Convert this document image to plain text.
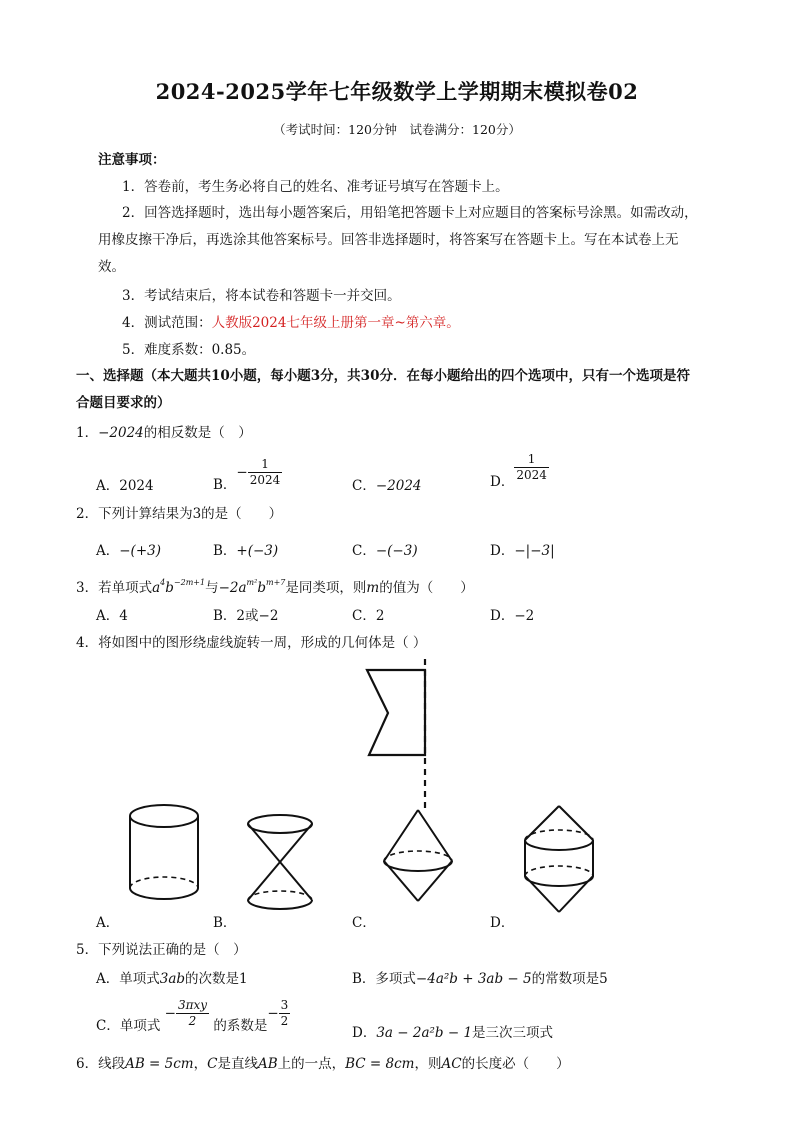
2024-2025学年七年级数学上学期期末模拟卷02
（考试时间：120分钟　试卷满分：120分）
注意事项：
1．答卷前，考生务必将自己的姓名、准考证号填写在答题卡上。
2．回答选择题时，选出每小题答案后，用铅笔把答题卡上对应题目的答案标号涂黑。如需改动，
用橡皮擦干净后，再选涂其他答案标号。回答非选择题时，将答案写在答题卡上。写在本试卷上无
效。
3．考试结束后，将本试卷和答题卡一并交回。
4．测试范围：人教版2024七年级上册第一章~第六章。
5．难度系数：0.85。
一、选择题（本大题共10小题，每小题3分，共30分．在每小题给出的四个选项中，只有一个选项是符
合题目要求的）
1．−2024的相反数是（　）
A．2024	B．− $\frac{1}{2024}$	C．−2024	D． $\frac{1}{2024}$
2．下列计算结果为3的是（　　）
A．−(+3)	B．+(−3)	C．−(−3)	D．−|−3|
3．若单项式$a^4b^{-2m+1}$与$-2a^{m^2}b^{m+7}$是同类项，则m的值为（　　）
A．4	B．2或−2	C．2	D．−2
4．将如图中的图形绕虚线旋转一周，形成的几何体是（ ）
A．	B．	C．	D．
5．下列说法正确的是（　）
A．单项式3ab的次数是1	B．多项式−4a²b + 3ab − 5的常数项是5
C．单项式 − $\frac{\text{3πxy}}{2}$ 的系数是− $\frac{3}{2}$
D．3a − 2a²b − 1是三次三项式
6．线段AB = 5cm，C是直线AB上的一点，BC = 8cm，则AC的长度必（　　）
